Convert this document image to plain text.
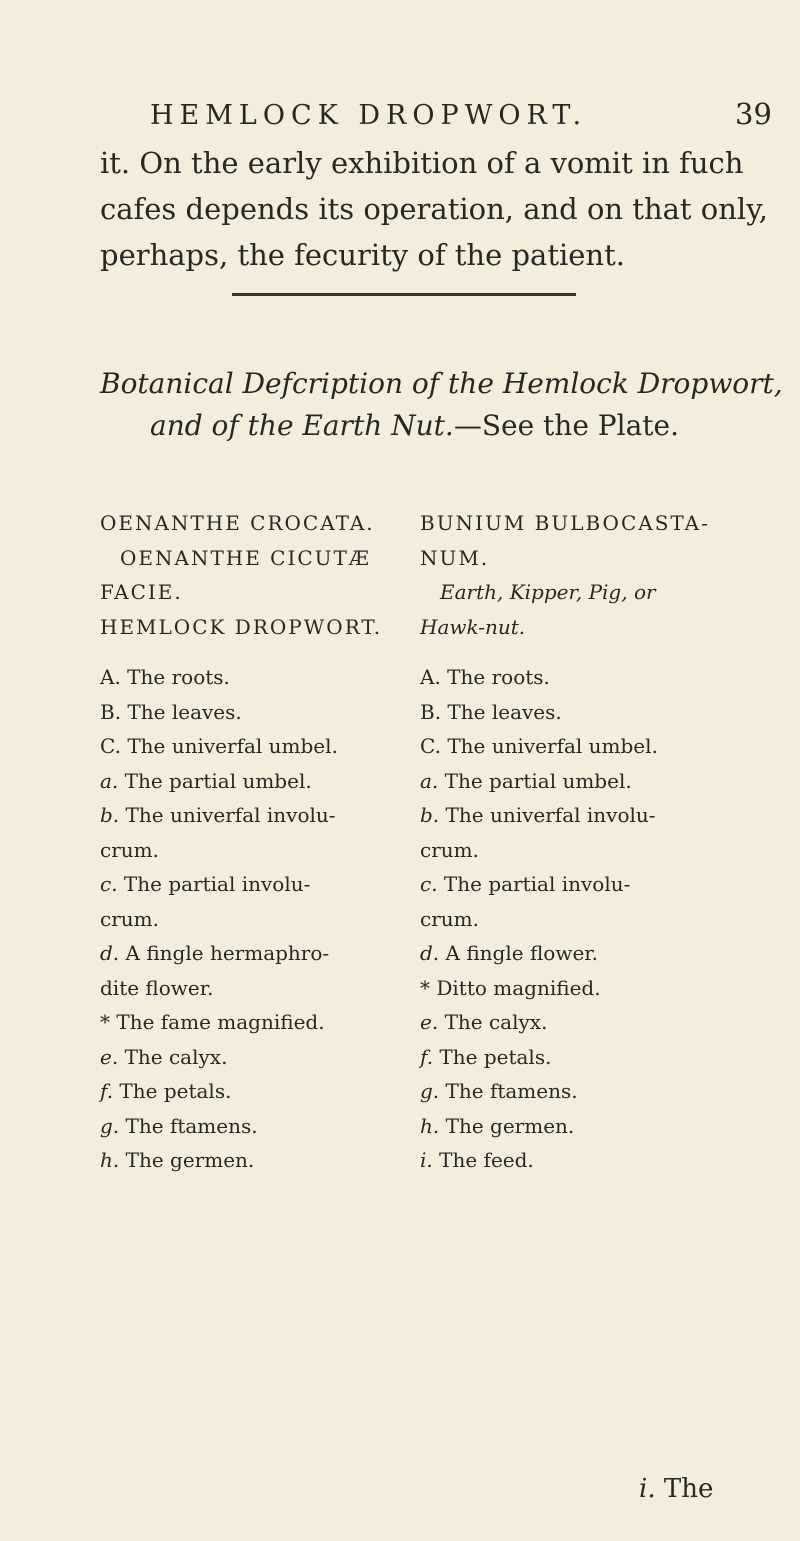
HEMLOCK DROPWORT.	39
it. On the early exhibition of a vomit in fuch
cafes depends its operation, and on that only,
perhaps, the fecurity of the patient.
Botanical Defcription of the Hemlock Dropwort,
and of the Earth Nut.—See the Plate.
OENANTHE CROCATA.
OENANTHE CICUTÆ
FACIE.
HEMLOCK DROPWORT.
A. The roots.
B. The leaves.
C. The univerfal umbel.
a. The partial umbel.
b. The univerfal involu-
crum.
c. The partial involu-
crum.
d. A fingle hermaphro-
dite flower.
* The fame magnified.
e. The calyx.
f. The petals.
g. The ftamens.
h. The germen.
BUNIUM BULBOCASTA-
NUM.
Earth, Kipper, Pig, or
Hawk-nut.
A. The roots.
B. The leaves.
C. The univerfal umbel.
a. The partial umbel.
b. The univerfal involu-
crum.
c. The partial involu-
crum.
d. A fingle flower.
* Ditto magnified.
e. The calyx.
f. The petals.
g. The ftamens.
h. The germen.
i. The feed.
i. The
